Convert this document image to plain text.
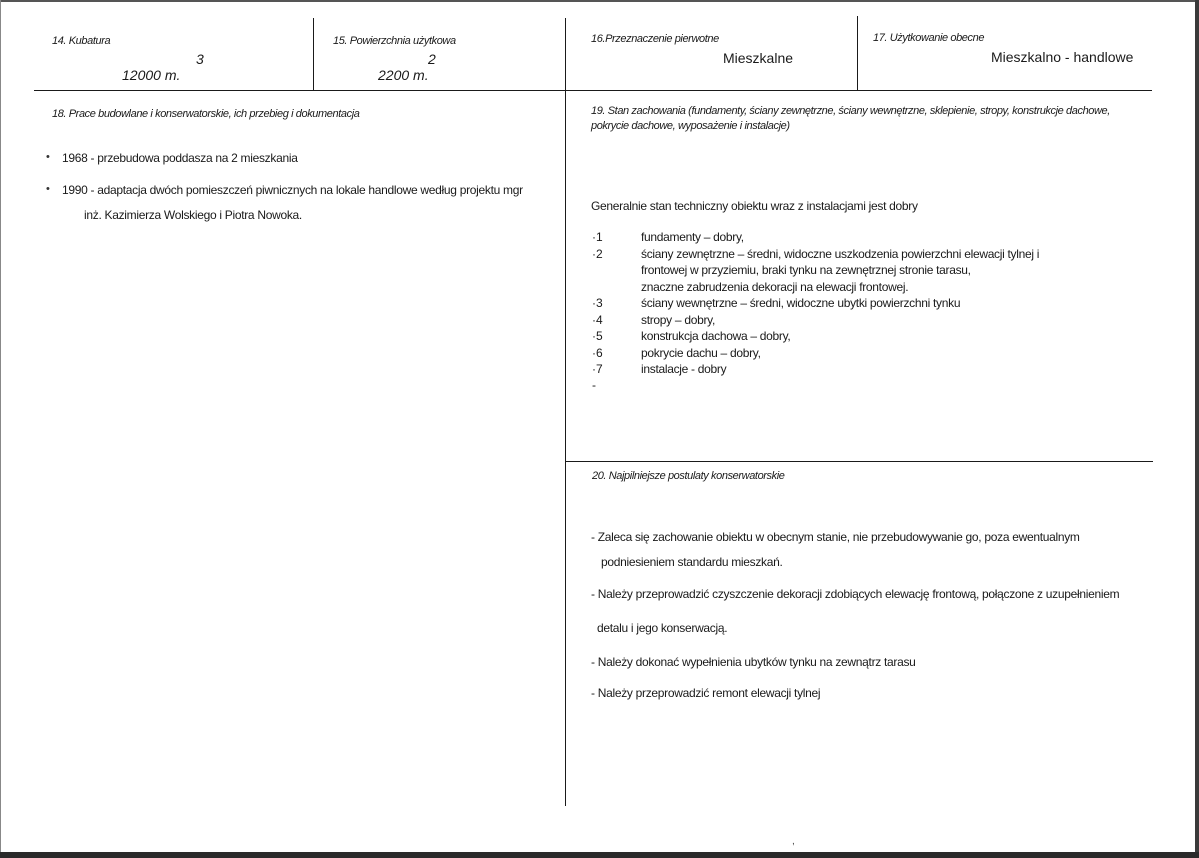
14. Kubatura
3
12000 m.
15. Powierzchnia użytkowa
2
2200 m.
16.Przeznaczenie pierwotne
Mieszkalne
17. Użytkowanie obecne
Mieszkalno - handlowe
18. Prace budowlane i konserwatorskie, ich przebieg i dokumentacja
• 1968 - przebudowa poddasza na 2 mieszkania
• 1990 - adaptacja dwóch pomieszczeń piwnicznych na lokale handlowe według projektu mgr
inż. Kazimierza Wolskiego i Piotra Nowoka.
19. Stan zachowania (fundamenty, ściany zewnętrzne, ściany wewnętrzne, sklepienie, stropy, konstrukcje dachowe,
pokrycie dachowe, wyposażenie i instalacje)
Generalnie stan techniczny obiektu wraz z instalacjami jest dobry
·1	fundamenty – dobry,
·2	ściany zewnętrzne – średni, widoczne uszkodzenia powierzchni elewacji tylnej i
frontowej w przyziemiu, braki tynku na zewnętrznej stronie tarasu,
znaczne zabrudzenia dekoracji na elewacji frontowej.
·3	ściany wewnętrzne – średni, widoczne ubytki powierzchni tynku
·4	stropy – dobry,
·5	konstrukcja dachowa – dobry,
·6	pokrycie dachu – dobry,
·7	instalacje - dobry
-
20. Najpilniejsze postulaty konserwatorskie
- Zaleca się zachowanie obiektu w obecnym stanie, nie przebudowywanie go, poza ewentualnym
podniesieniem standardu mieszkań.
- Należy przeprowadzić czyszczenie dekoracji zdobiących elewację frontową, połączone z uzupełnieniem
detalu i jego konserwacją.
- Należy dokonać wypełnienia ubytków tynku na zewnątrz tarasu
- Należy przeprowadzić remont elewacji tylnej
,
